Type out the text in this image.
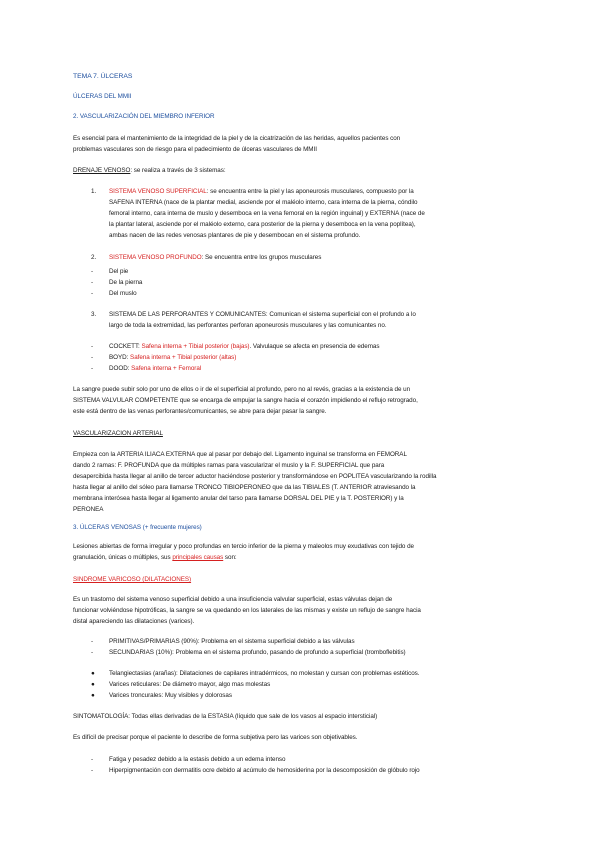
TEMA 7. ÚLCERAS
ÚLCERAS DEL MMII
2. VASCULARIZACIÓN DEL MIEMBRO INFERIOR
Es esencial para el mantenimiento de la integridad de la piel y de la cicatrización de las heridas, aquellos pacientes con
problemas vasculares son de riesgo para el padecimiento de úlceras vasculares de MMII
DRENAJE VENOSO: se realiza a través de 3 sistemas:
1. SISTEMA VENOSO SUPERFICIAL: se encuentra entre la piel y las aponeurosis musculares, compuesto por la
SAFENA INTERNA (nace de la plantar medial, asciende por el maléolo interno, cara interna de la pierna, cóndilo
femoral interno, cara interna de muslo y desemboca en la vena femoral en la región inguinal) y EXTERNA (nace de
la plantar lateral, asciende por el maléolo externo, cara posterior de la pierna y desemboca en la vena poplítea),
ambas nacen de las redes venosas plantares de pie y desembocan en el sistema profundo.
2. SISTEMA VENOSO PROFUNDO: Se encuentra entre los grupos musculares
-	Del pie
-	De la pierna
-	Del muslo
3. SISTEMA DE LAS PERFORANTES Y COMUNICANTES: Comunican el sistema superficial con el profundo a lo
largo de toda la extremidad, las perforantes perforan aponeurosis musculares y las comunicantes no.
-	COCKETT: Safena interna + Tibial posterior (bajas). Valvulaque se afecta en presencia de edemas
-	BOYD: Safena interna + Tibial posterior (altas)
-	DOOD: Safena interna + Femoral
La sangre puede subir solo por uno de ellos o ir de el superficial al profundo, pero no al revés, gracias a la existencia de un
SISTEMA VALVULAR COMPETENTE que se encarga de empujar la sangre hacia el corazón impidiendo el reflujo retrogrado,
este está dentro de las venas perforantes/comunicantes, se abre para dejar pasar la sangre.
VASCULARIZACION ARTERIAL
Empieza con la ARTERIA ILIACA EXTERNA que al pasar por debajo del. Ligamento inguinal se transforma en FEMORAL
dando 2 ramas: F. PROFUNDA que da múltiples ramas para vascularizar el muslo y la F. SUPERFICIAL que para
desapercibida hasta llegar al anillo de tercer aductor haciéndose posterior y transformándose en POPLITEA vascularizando la rodilla
hasta llegar al anillo del sóleo para llamarse TRONCO TIBIOPERONEO que da las TIBIALES (T. ANTERIOR atraviesando la
membrana interósea hasta llegar al ligamento anular del tarso para llamarse DORSAL DEL PIE y la T. POSTERIOR) y la
PERONEA
3. ÚLCERAS VENOSAS (+ frecuente mujeres)
Lesiones abiertas de forma irregular y poco profundas en tercio inferior de la pierna y maleolos muy exudativas con tejido de
granulación, únicas o múltiples, sus principales causas son:
SINDROME VARICOSO (DILATACIONES)
Es un trastorno del sistema venoso superficial debido a una insuficiencia valvular superficial, estas válvulas dejan de
funcionar volviéndose hipotróficas, la sangre se va quedando en los laterales de las mismas y existe un reflujo de sangre hacia
distal apareciendo las dilataciones (varices).
-	PRIMITIVAS/PRIMARIAS (90%): Problema en el sistema superficial debido a las válvulas
-	SECUNDARIAS (10%): Problema en el sistema profundo, pasando de profundo a superficial (tromboflebitis)
● Telangiectasias (arañas): Dilataciones de capilares intradérmicos, no molestan y cursan con problemas estéticos.
● Varices reticulares: De diámetro mayor, algo mas molestas
● Varices troncurales: Muy visibles y dolorosas
SINTOMATOLOGÍA: Todas ellas derivadas de la ESTASIA (líquido que sale de los vasos al espacio intersticial)
Es difícil de precisar porque el paciente lo describe de forma subjetiva pero las varices son objetivables.
-	Fatiga y pesadez debido a la estasis debido a un edema intenso
-	Hiperpigmentación con dermatitis ocre debido al acúmulo de hemosiderina por la descomposición de glóbulo rojo
